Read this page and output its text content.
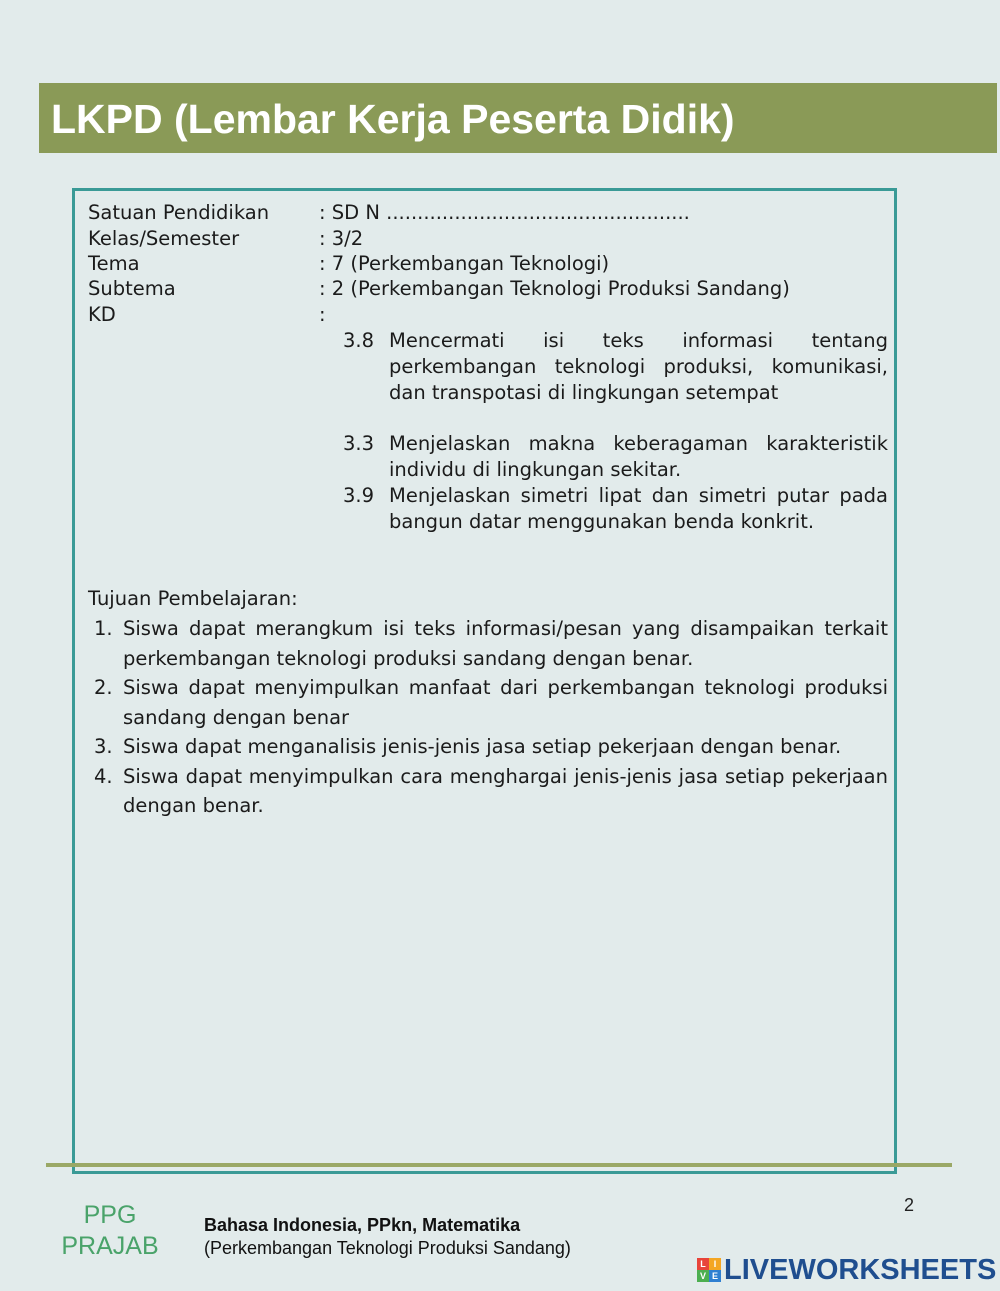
LKPD (Lembar Kerja Peserta Didik)
Satuan Pendidikan	: SD N .................................................
Kelas/Semester	: 3/2
Tema	: 7 (Perkembangan Teknologi)
Subtema	: 2 (Perkembangan Teknologi Produksi Sandang)
KD	:
3.8 Mencermati isi teks informasi tentang perkembangan teknologi produksi, komunikasi, dan transpotasi di lingkungan setempat
3.3 Menjelaskan makna keberagaman karakteristik individu di lingkungan sekitar.
3.9 Menjelaskan simetri lipat dan simetri putar pada bangun datar menggunakan benda konkrit.
Tujuan Pembelajaran:
1. Siswa dapat merangkum isi teks informasi/pesan yang disampaikan terkait perkembangan teknologi produksi sandang dengan benar.
2. Siswa dapat menyimpulkan manfaat dari perkembangan teknologi produksi sandang dengan benar
3. Siswa dapat menganalisis jenis-jenis jasa setiap pekerjaan dengan benar.
4. Siswa dapat menyimpulkan cara menghargai jenis-jenis jasa setiap pekerjaan dengan benar.
2
PPG
PRAJAB
Bahasa Indonesia, PPkn, Matematika
(Perkembangan Teknologi Produksi Sandang)
L I
V E LIVEWORKSHEETS
